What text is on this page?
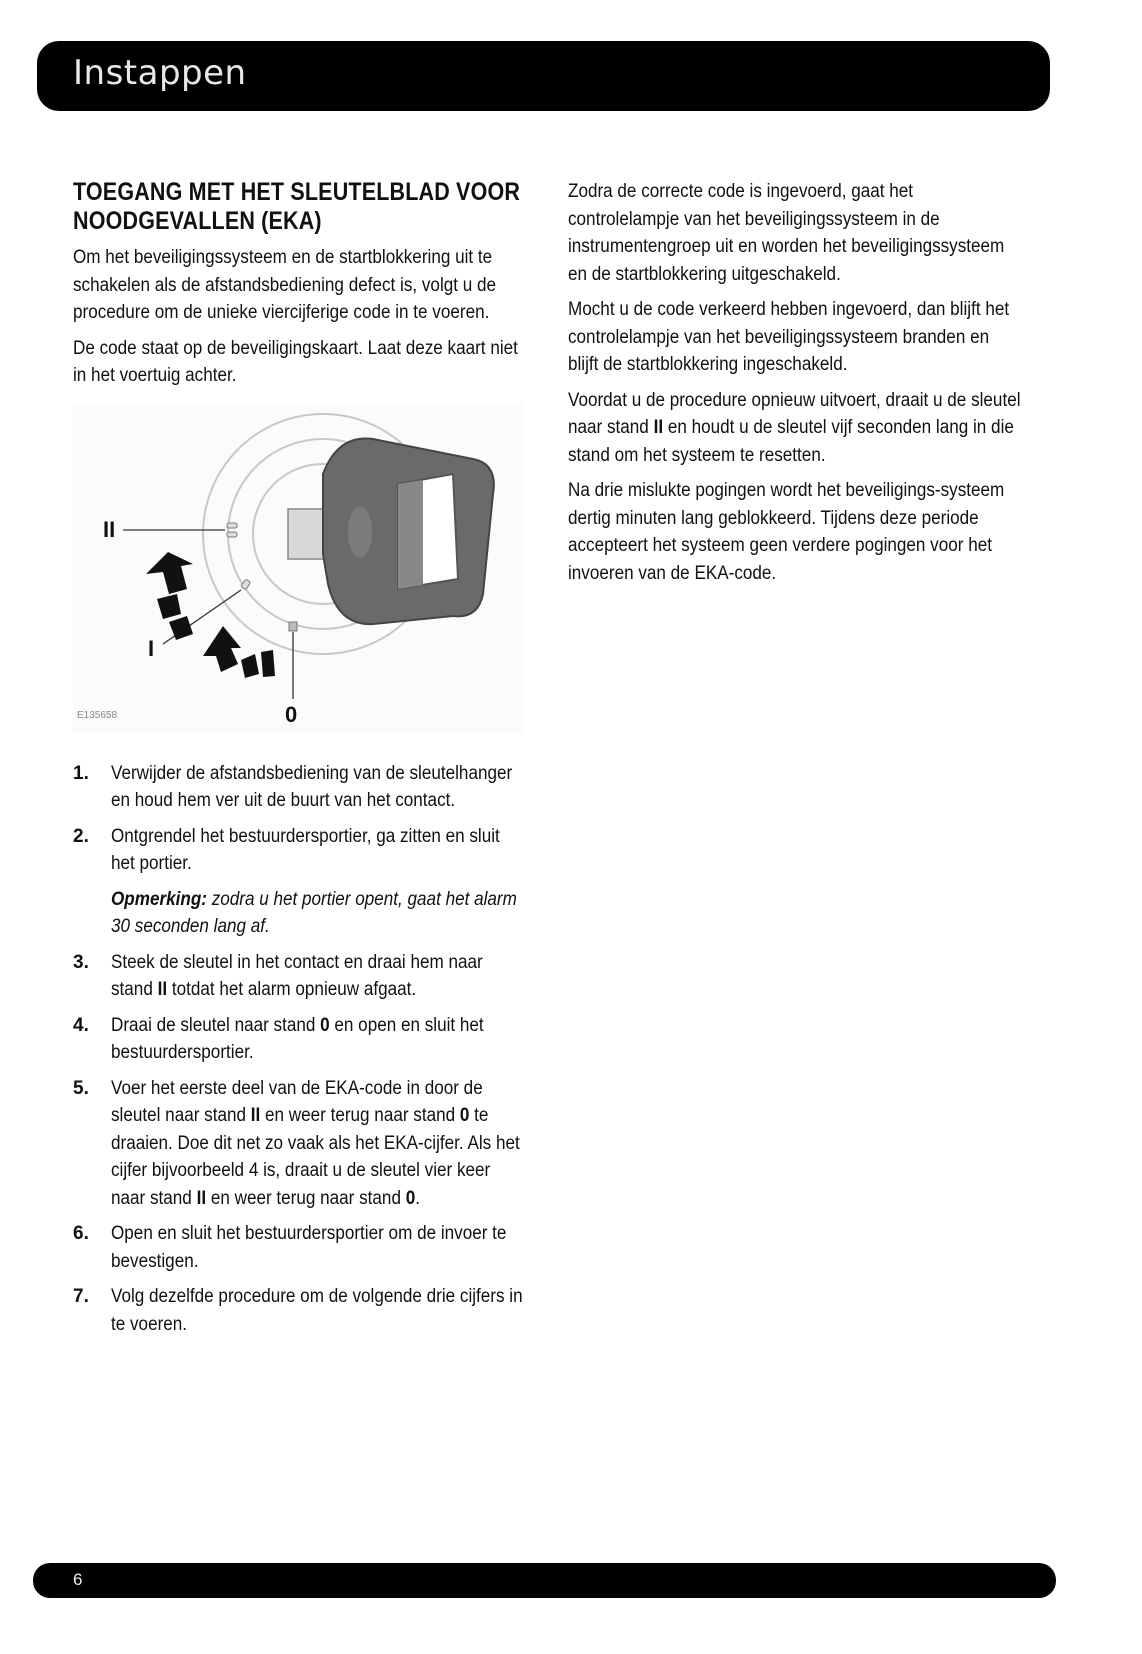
Instappen
TOEGANG MET HET SLEUTELBLAD VOOR NOODGEVALLEN (EKA)

Om het beveiligingssysteem en de startblokkering uit te schakelen als de afstandsbediening defect is, volgt u de procedure om de unieke viercijferige code in te voeren.

De code staat op de beveiligingskaart. Laat deze kaart niet in het voertuig achter.

II
I
0
E135658
1. Verwijder de afstandsbediening van de sleutelhanger en houd hem ver uit de buurt van het contact.
2. Ontgrendel het bestuurdersportier, ga zitten en sluit het portier.
Opmerking: zodra u het portier opent, gaat het alarm 30 seconden lang af.
3. Steek de sleutel in het contact en draai hem naar stand II totdat het alarm opnieuw afgaat.
4. Draai de sleutel naar stand 0 en open en sluit het bestuurdersportier.
5. Voer het eerste deel van de EKA-code in door de sleutel naar stand II en weer terug naar stand 0 te draaien. Doe dit net zo vaak als het EKA-cijfer. Als het cijfer bijvoorbeeld 4 is, draait u de sleutel vier keer naar stand II en weer terug naar stand 0.
6. Open en sluit het bestuurdersportier om de invoer te bevestigen.
7. Volg dezelfde procedure om de volgende drie cijfers in te voeren.

Zodra de correcte code is ingevoerd, gaat het controlelampje van het beveiligingssysteem in de instrumentengroep uit en worden het beveiligingssysteem en de startblokkering uitgeschakeld.

Mocht u de code verkeerd hebben ingevoerd, dan blijft het controlelampje van het beveiligingssysteem branden en blijft de startblokkering ingeschakeld.

Voordat u de procedure opnieuw uitvoert, draait u de sleutel naar stand II en houdt u de sleutel vijf seconden lang in die stand om het systeem te resetten.

Na drie mislukte pogingen wordt het beveiligings-systeem dertig minuten lang geblokkeerd. Tijdens deze periode accepteert het systeem geen verdere pogingen voor het invoeren van de EKA-code.

6
